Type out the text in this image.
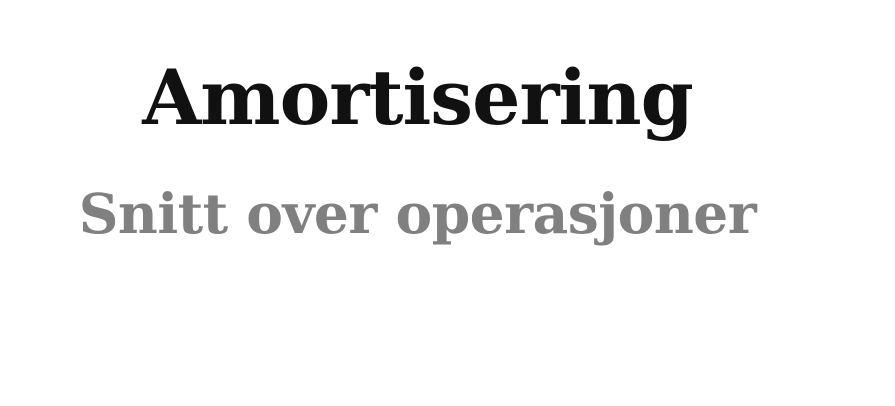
Amortisering
Snitt over operasjoner
